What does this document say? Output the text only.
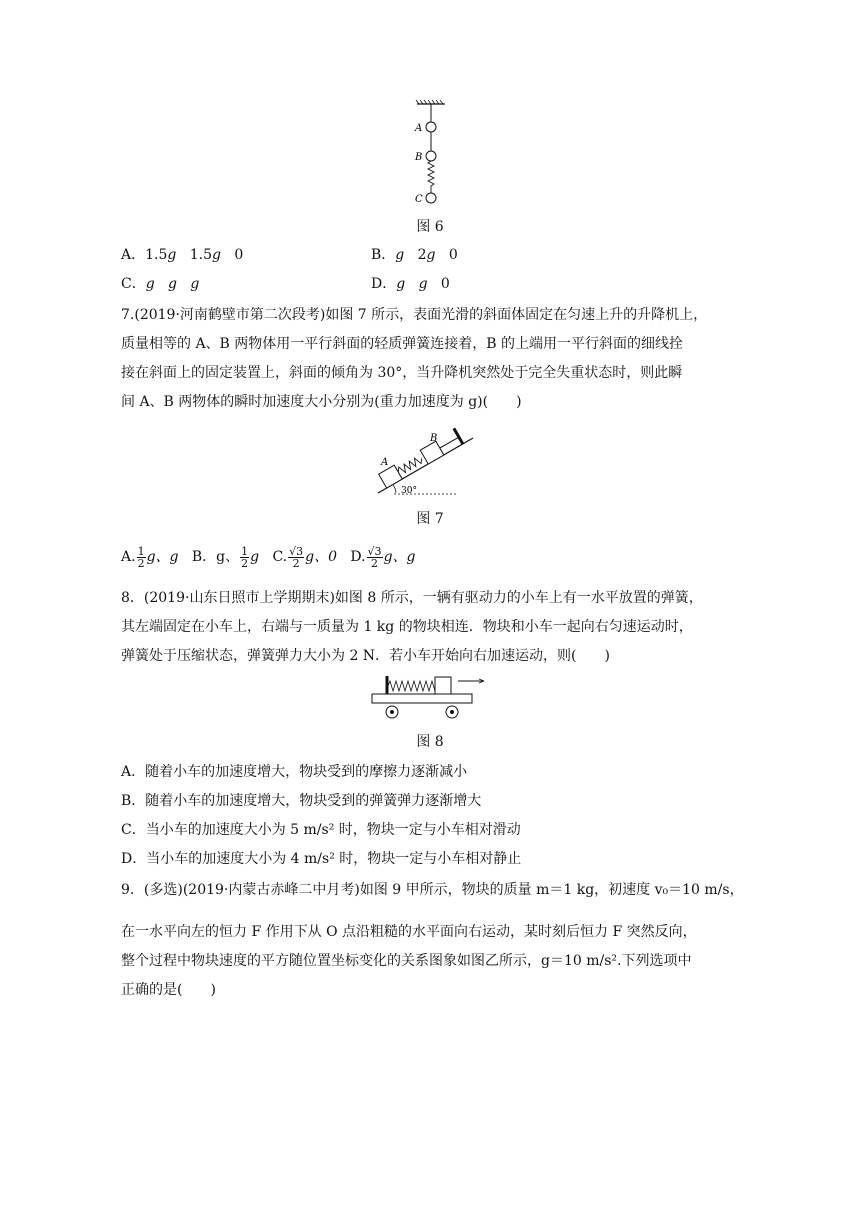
A
B
C
图 6
A．1.5g 1.5g 0	B．g 2g 0
C．g g g	D．g g 0
7.(2019·河南鹤壁市第二次段考)如图 7 所示，表面光滑的斜面体固定在匀速上升的升降机上，
质量相等的 A、B 两物体用一平行斜面的轻质弹簧连接着，B 的上端用一平行斜面的细线拴
接在斜面上的固定装置上，斜面的倾角为 30°，当升降机突然处于完全失重状态时，则此瞬
间 A、B 两物体的瞬时加速度大小分别为(重力加速度为 g)(　　)
A
B
30°
图 7
A. $\frac{1}{2}$ g、g B．g、 $\frac{1}{2}$ g C. $\frac{√3}{2}$ g、0 D. $\frac{√3}{2}$ g、g
8．(2019·山东日照市上学期期末)如图 8 所示，一辆有驱动力的小车上有一水平放置的弹簧，
其左端固定在小车上，右端与一质量为 1 kg 的物块相连．物块和小车一起向右匀速运动时，
弹簧处于压缩状态，弹簧弹力大小为 2 N．若小车开始向右加速运动，则(　　)
图 8
A．随着小车的加速度增大，物块受到的摩擦力逐渐减小
B．随着小车的加速度增大，物块受到的弹簧弹力逐渐增大
C．当小车的加速度大小为 5 m/s² 时，物块一定与小车相对滑动
D．当小车的加速度大小为 4 m/s² 时，物块一定与小车相对静止
9．(多选)(2019·内蒙古赤峰二中月考)如图 9 甲所示，物块的质量 m＝1 kg，初速度 v₀＝10 m/s，
在一水平向左的恒力 F 作用下从 O 点沿粗糙的水平面向右运动，某时刻后恒力 F 突然反向，
整个过程中物块速度的平方随位置坐标变化的关系图象如图乙所示，g＝10 m/s².下列选项中
正确的是(　　)
